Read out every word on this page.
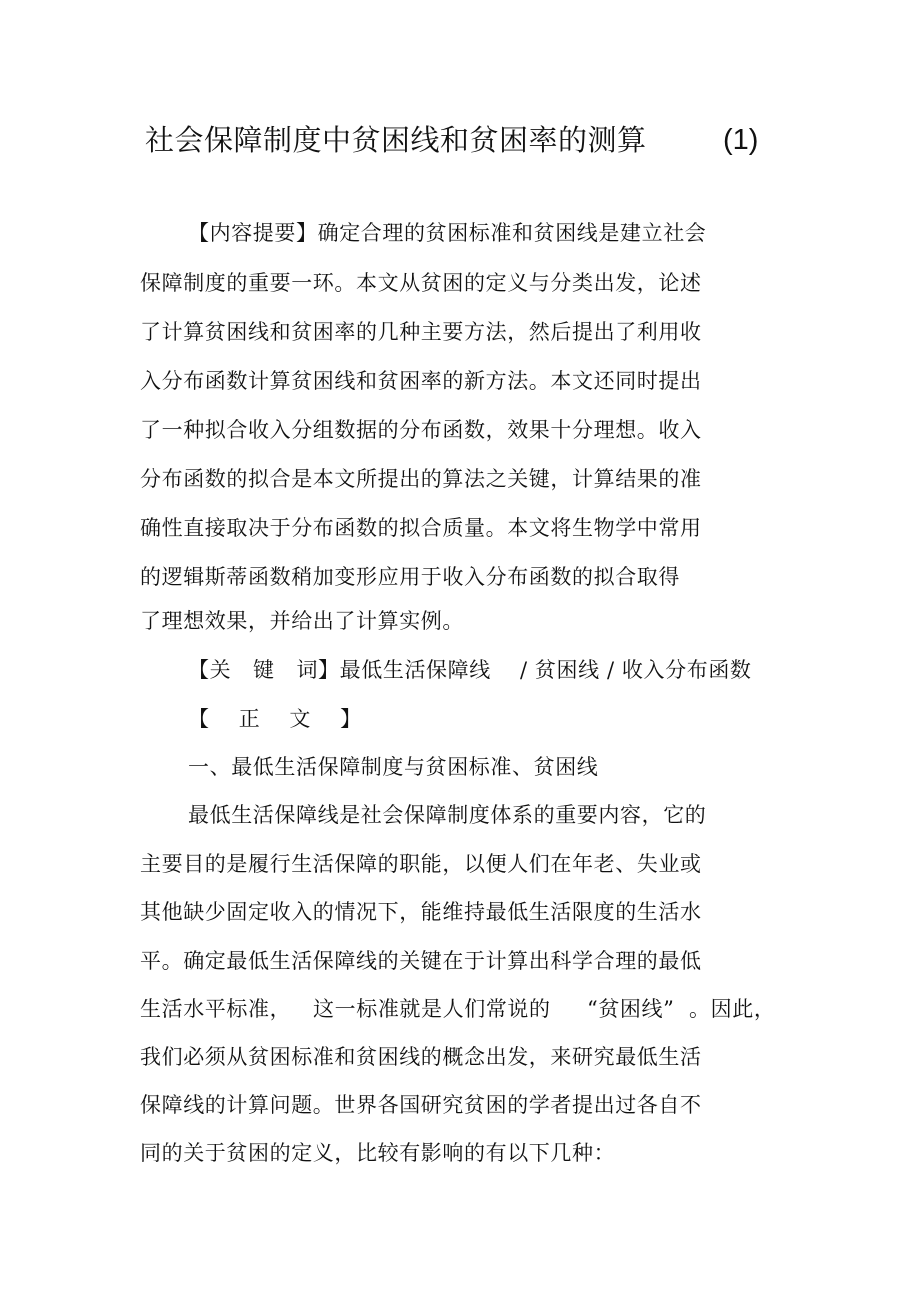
社会保障制度中贫困线和贫困率的测算	(1)
【内容提要】确定合理的贫困标准和贫困线是建立社会
保障制度的重要一环。本文从贫困的定义与分类出发，论述
了计算贫困线和贫困率的几种主要方法，然后提出了利用收
入分布函数计算贫困线和贫困率的新方法。本文还同时提出
了一种拟合收入分组数据的分布函数，效果十分理想。收入
分布函数的拟合是本文所提出的算法之关键，计算结果的准
确性直接取决于分布函数的拟合质量。本文将生物学中常用
的逻辑斯蒂函数稍加变形应用于收入分布函数的拟合取得
了理想效果，并给出了计算实例。
【关   键   词】最低生活保障线    / 贫困线 / 收入分布函数
【    正    文    】
一、最低生活保障制度与贫困标准、贫困线
最低生活保障线是社会保障制度体系的重要内容，它的
主要目的是履行生活保障的职能，以便人们在年老、失业或
其他缺少固定收入的情况下，能维持最低生活限度的生活水
平。确定最低生活保障线的关键在于计算出科学合理的最低
生活水平标准，   这一标准就是人们常说的     “贫困线”  。因此，
我们必须从贫困标准和贫困线的概念出发，来研究最低生活
保障线的计算问题。世界各国研究贫困的学者提出过各自不
同的关于贫困的定义，比较有影响的有以下几种：
